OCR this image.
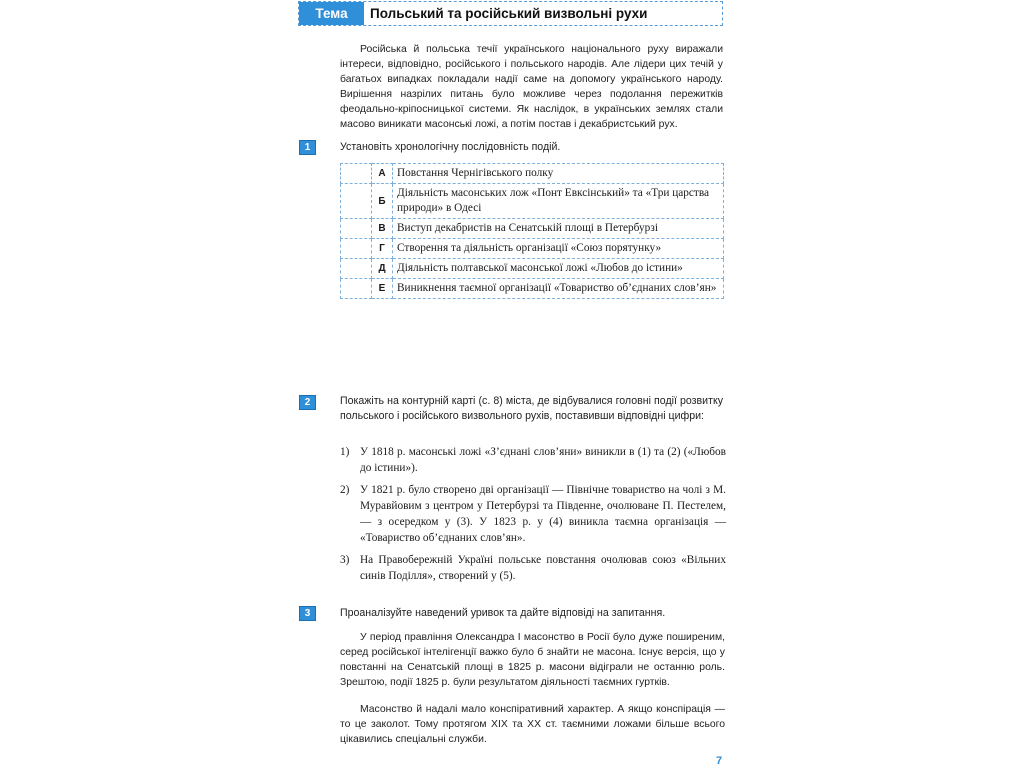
Тема	Польський та російський визвольні рухи
Російська й польська течії українського національного руху виражали інтереси, відповідно, російського і польського народів. Але лідери цих течій у багатьох випадках покладали надії саме на допомогу українського народу. Вирішення назрілих питань було можливе через подолання пережитків феодально-кріпосницької системи. Як наслідок, в українських землях стали масово виникати масонські ложі, а потім постав і декабристський рух.
1	Установіть хронологічну послідовність подій.
	А	Повстання Чернігівського полку
	Б	Діяльність масонських лож «Понт Евксінський» та «Три царства природи» в Одесі
	В	Виступ декабристів на Сенатській площі в Петербурзі
	Г	Створення та діяльність організації «Союз порятунку»
	Д	Діяльність полтавської масонської ложі «Любов до істини»
	Е	Виникнення таємної організації «Товариство об’єднаних слов’ян»
2	Покажіть на контурній карті (с. 8) міста, де відбувалися головні події розвитку польського і російського визвольного рухів, поставивши відповідні цифри:
1) У 1818 р. масонські ложі «З’єднані слов’яни» виникли в (1) та (2) («Любов до істини»).
2) У 1821 р. було створено дві організації — Північне товариство на чолі з М. Муравйовим з центром у Петербурзі та Південне, очолюване П. Пестелем, — з осередком у (3). У 1823 р. у (4) виникла таємна організація — «Товариство об’єднаних слов’ян».
3) На Правобережній Україні польське повстання очолював союз «Вільних синів Поділля», створений у (5).
3	Проаналізуйте наведений уривок та дайте відповіді на запитання.
У період правління Олександра І масонство в Росії було дуже поширеним, серед російської інтелігенції важко було б знайти не масона. Існує версія, що у повстанні на Сенатській площі в 1825 р. масони відіграли не останню роль. Зрештою, події 1825 р. були результатом діяльності таємних гуртків.
Масонство й надалі мало конспіративний характер. А якщо конспірація — то це заколот. Тому протягом XIX та XX ст. таємними ложами більше всього цікавились спеціальні служби.
7
